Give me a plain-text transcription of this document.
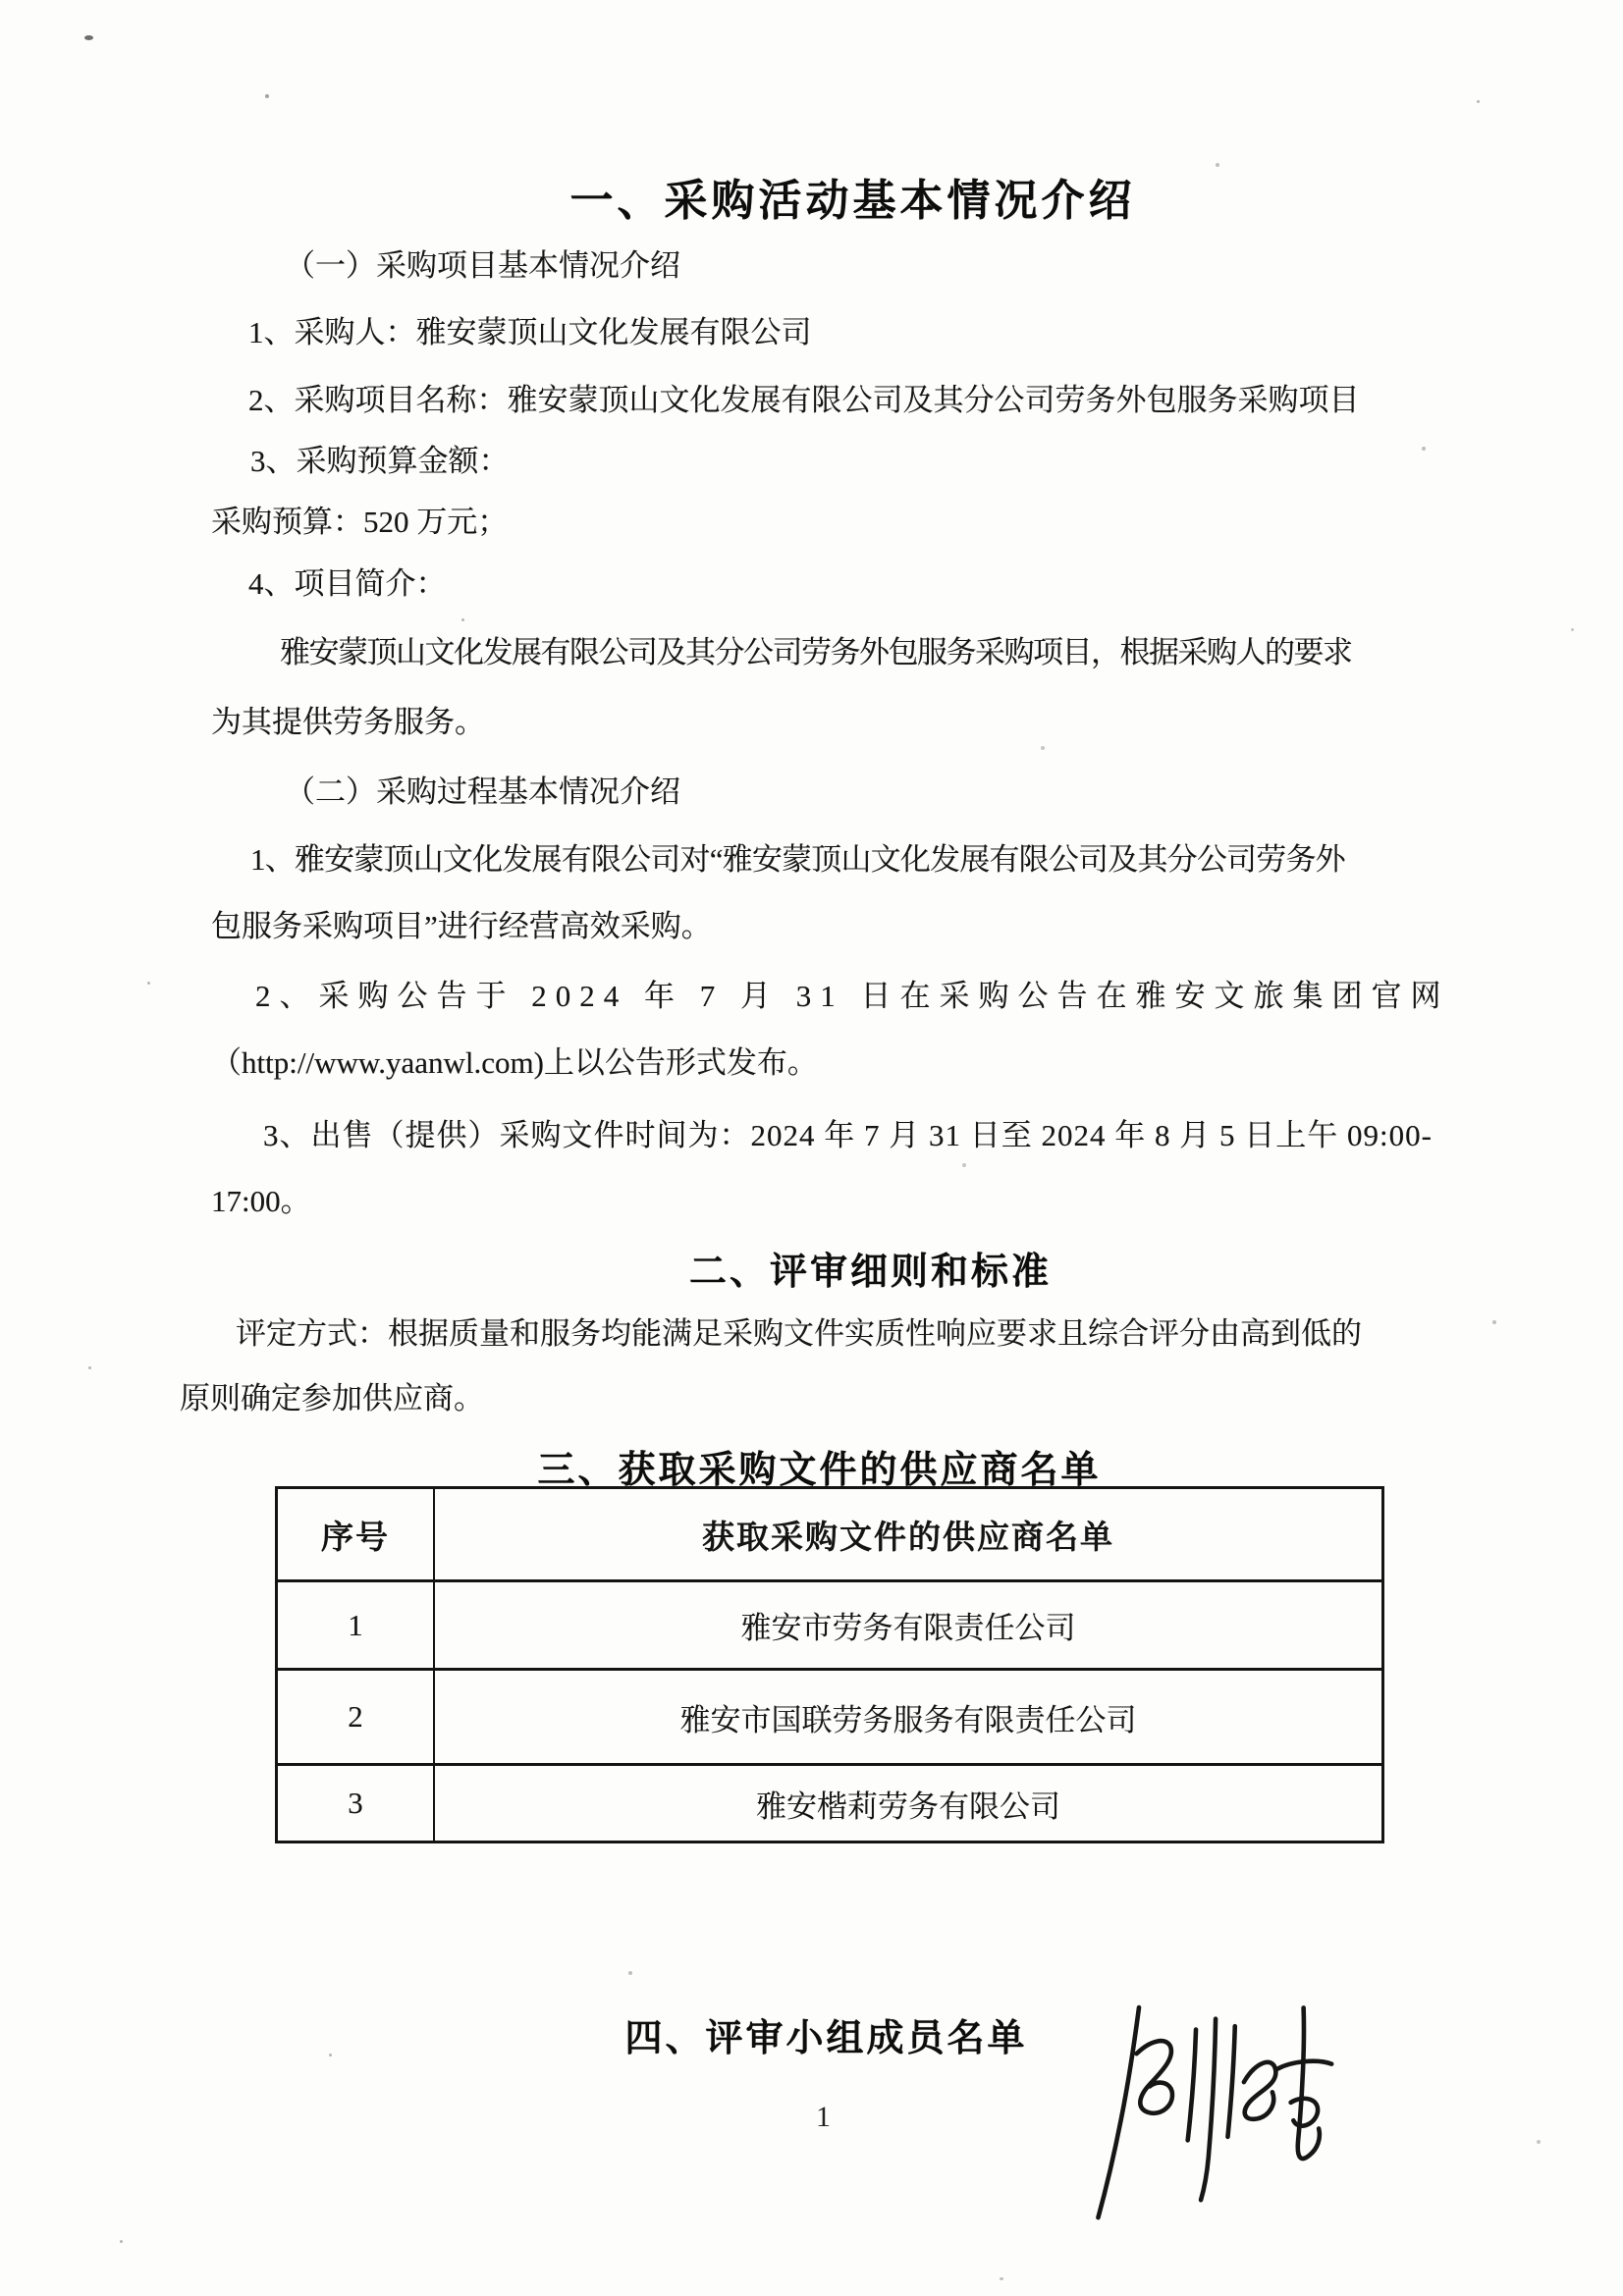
一、采购活动基本情况介绍
（一）采购项目基本情况介绍
1、采购人：雅安蒙顶山文化发展有限公司
2、采购项目名称：雅安蒙顶山文化发展有限公司及其分公司劳务外包服务采购项目
3、采购预算金额：
采购预算：520 万元；
4、项目简介：
雅安蒙顶山文化发展有限公司及其分公司劳务外包服务采购项目，根据采购人的要求
为其提供劳务服务。
（二）采购过程基本情况介绍
1、雅安蒙顶山文化发展有限公司对“雅安蒙顶山文化发展有限公司及其分公司劳务外
包服务采购项目”进行经营高效采购。
2、采购公告于 2024 年 7 月 31 日在采购公告在雅安文旅集团官网
（http://www.yaanwl.com)上以公告形式发布。
3、出售（提供）采购文件时间为：2024 年 7 月 31 日至 2024 年 8 月 5 日上午 09:00-
17:00。
二、评审细则和标准
评定方式：根据质量和服务均能满足采购文件实质性响应要求且综合评分由高到低的
原则确定参加供应商。
三、获取采购文件的供应商名单
序号	获取采购文件的供应商名单
1	雅安市劳务有限责任公司
2	雅安市国联劳务服务有限责任公司
3	雅安楷莉劳务有限公司
四、评审小组成员名单
1
